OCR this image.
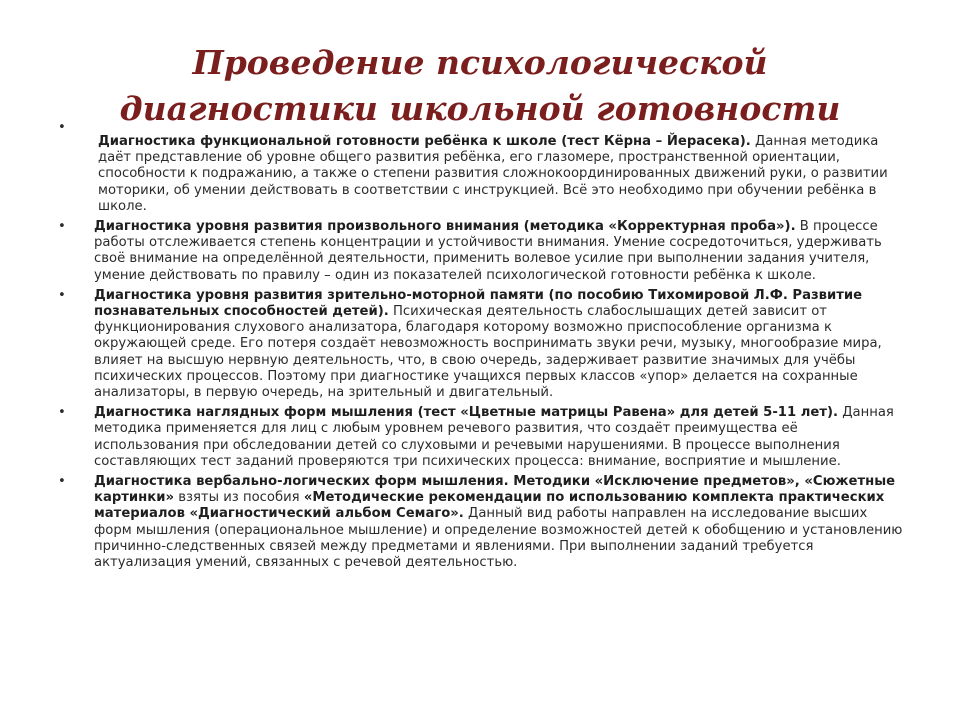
Проведение психологической диагностики школьной готовности
•
Диагностика функциональной готовности ребёнка к школе (тест Кёрна – Йерасека). Данная методика даёт представление об уровне общего развития ребёнка, его глазомере, пространственной ориентации, способности к подражанию, а также о степени развития сложнокоординированных движений руки, о развитии моторики, об умении действовать в соответствии с инструкцией. Всё это необходимо при обучении ребёнка в школе.
•	Диагностика уровня развития произвольного внимания (методика «Корректурная проба»). В процессе работы отслеживается степень концентрации и устойчивости внимания. Умение сосредоточиться, удерживать своё внимание на определённой деятельности, применить волевое усилие при выполнении задания учителя, умение действовать по правилу – один из показателей психологической готовности ребёнка к школе.
•	Диагностика уровня развития зрительно-моторной памяти (по пособию Тихомировой Л.Ф. Развитие познавательных способностей детей). Психическая деятельность слабослышащих детей зависит от функционирования слухового анализатора, благодаря которому возможно приспособление организма к окружающей среде. Его потеря создаёт невозможность воспринимать звуки речи, музыку, многообразие мира, влияет на высшую нервную деятельность, что, в свою очередь, задерживает развитие значимых для учёбы психических процессов. Поэтому при диагностике учащихся первых классов «упор» делается на сохранные анализаторы, в первую очередь, на зрительный и двигательный.
•	Диагностика наглядных форм мышления (тест «Цветные матрицы Равена» для детей 5-11 лет). Данная методика применяется для лиц с любым уровнем речевого развития, что создаёт преимущества её использования при обследовании детей со слуховыми и речевыми нарушениями. В процессе выполнения составляющих тест заданий проверяются три психических процесса: внимание, восприятие и мышление.
•	Диагностика вербально-логических форм мышления. Методики «Исключение предметов», «Сюжетные картинки» взяты из пособия «Методические рекомендации по использованию комплекта практических материалов «Диагностический альбом Семаго». Данный вид работы направлен на исследование высших форм мышления (операциональное мышление) и определение возможностей детей к обобщению и установлению причинно-следственных связей между предметами и явлениями. При выполнении заданий требуется актуализация умений, связанных с речевой деятельностью.
